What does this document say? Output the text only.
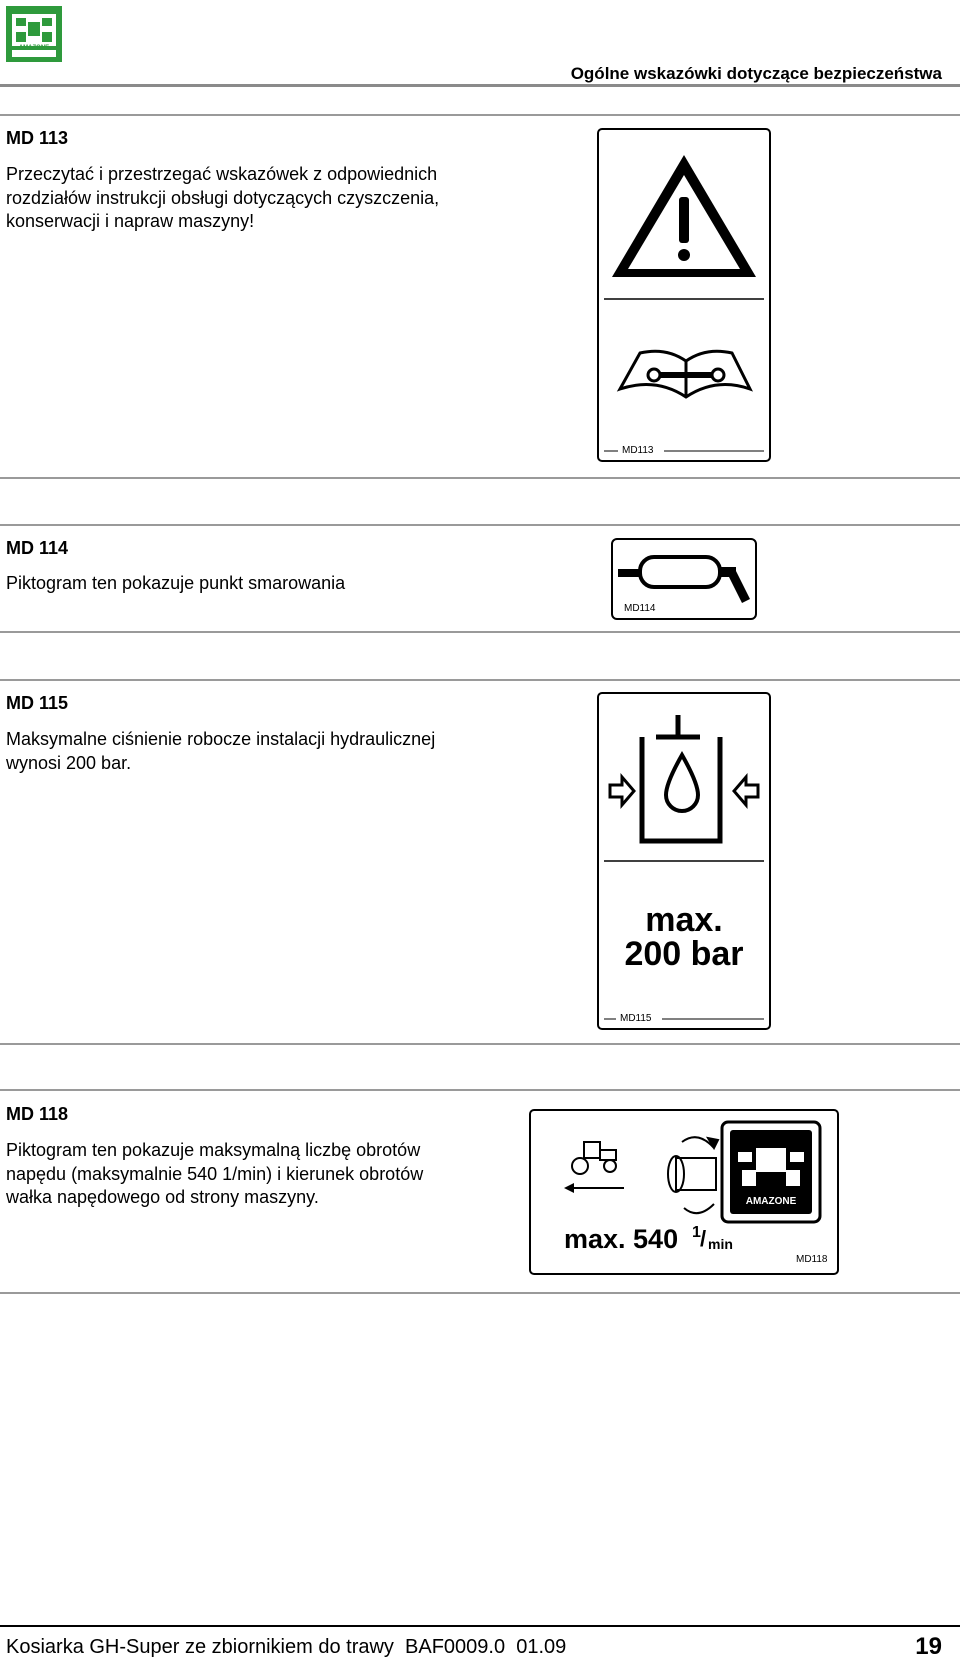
AMAZONE
Ogólne wskazówki dotyczące bezpieczeństwa
MD 113
Przeczytać i przestrzegać wskazówek z odpowiednich rozdziałów instrukcji obsługi dotyczących czyszczenia, konserwacji i napraw maszyny!
MD113
MD 114
Piktogram ten pokazuje punkt smarowania
MD114
MD 115
Maksymalne ciśnienie robocze instalacji hydraulicznej wynosi 200 bar.
max.
200 bar
MD115
MD 118
Piktogram ten pokazuje maksymalną liczbę obrotów napędu (maksymalnie 540 1/min) i kierunek obrotów wałka napędowego od strony maszyny.	AMAZONE
max. 540 1 / min
MD118
Kosiarka GH-Super ze zbiornikiem do trawy  BAF0009.0  01.09	19
